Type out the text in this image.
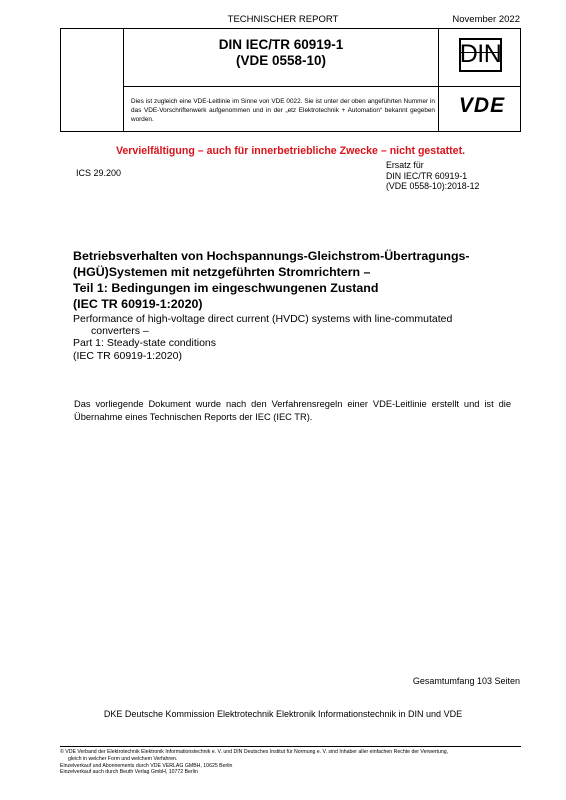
TECHNISCHER REPORT	November 2022
DIN IEC/TR 60919-1
(VDE 0558-10)
Dies ist zugleich eine VDE-Leitlinie im Sinne von VDE 0022. Sie ist unter der oben angeführten Nummer in das VDE-Vorschriftenwerk aufgenommen und in der „etz Elektrotechnik + Automation“ bekannt gegeben worden.
DIN
VDE
Vervielfältigung – auch für innerbetriebliche Zwecke – nicht gestattet.
ICS 29.200
Ersatz für
DIN IEC/TR 60919-1
(VDE 0558-10):2018-12
Betriebsverhalten von Hochspannungs-Gleichstrom-Übertragungs-
(HGÜ)Systemen mit netzgeführten Stromrichtern –
Teil 1: Bedingungen im eingeschwungenen Zustand
(IEC TR 60919-1:2020)
Performance of high-voltage direct current (HVDC) systems with line-commutated
converters –
Part 1: Steady-state conditions
(IEC TR 60919-1:2020)
Das vorliegende Dokument wurde nach den Verfahrensregeln einer VDE-Leitlinie erstellt und ist die Übernahme eines Technischen Reports der IEC (IEC TR).
Gesamtumfang 103 Seiten
DKE Deutsche Kommission Elektrotechnik Elektronik Informationstechnik in DIN und VDE
© VDE Verband der Elektrotechnik Elektronik Informationstechnik e. V. und DIN Deutsches Institut für Normung e. V. sind Inhaber aller einfachen Rechte der Verwertung,
gleich in welcher Form und welchem Verfahren.
Einzelverkauf und Abonnements durch VDE VERLAG GMBH, 10625 Berlin
Einzelverkauf auch durch Beuth Verlag GmbH, 10772 Berlin
